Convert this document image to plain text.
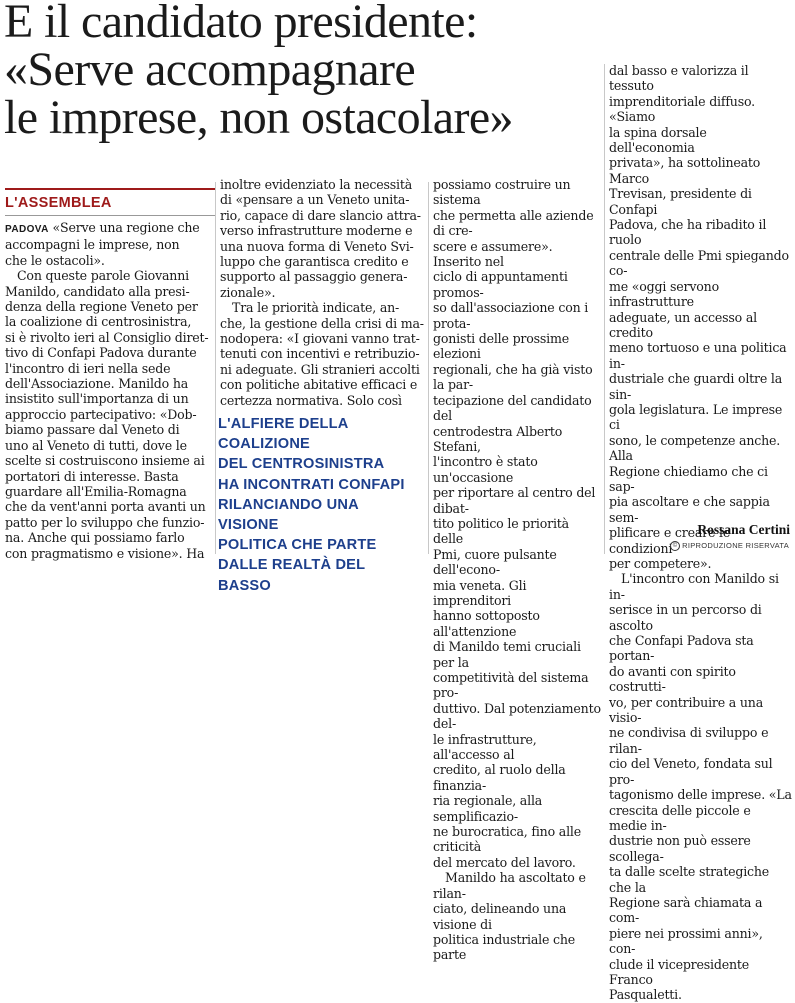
E il candidato presidente:
«Serve accompagnare
le imprese, non ostacolare»
L'ASSEMBLEA

PADOVA «Serve una regione che
accompagni le imprese, non
che le ostacoli».

Con queste parole Giovanni
Manildo, candidato alla presi-
denza della regione Veneto per
la coalizione di centrosinistra,
si è rivolto ieri al Consiglio diret-
tivo di Confapi Padova durante
l'incontro di ieri nella sede
dell'Associazione. Manildo ha
insistito sull'importanza di un
approccio partecipativo: «Dob-
biamo passare dal Veneto di
uno al Veneto di tutti, dove le
scelte si costruiscono insieme ai
portatori di interesse. Basta
guardare all'Emilia-Romagna
che da vent'anni porta avanti un
patto per lo sviluppo che funzio-
na. Anche qui possiamo farlo
con pragmatismo e visione». Ha

inoltre evidenziato la necessità
di «pensare a un Veneto unita-
rio, capace di dare slancio attra-
verso infrastrutture moderne e
una nuova forma di Veneto Svi-
luppo che garantisca credito e
supporto al passaggio genera-
zionale».

Tra le priorità indicate, an-
che, la gestione della crisi di ma-
nodopera: «I giovani vanno trat-
tenuti con incentivi e retribuzio-
ni adeguate. Gli stranieri accolti
con politiche abitative efficaci e
certezza normativa. Solo così

L'ALFIERE DELLA COALIZIONE
DEL CENTROSINISTRA
HA INCONTRATI CONFAPI
RILANCIANDO UNA VISIONE
POLITICA CHE PARTE
DALLE REALTÀ DEL BASSO

possiamo costruire un sistema
che permetta alle aziende di cre-
scere e assumere». Inserito nel
ciclo di appuntamenti promos-
so dall'associazione con i prota-
gonisti delle prossime elezioni
regionali, che ha già visto la par-
tecipazione del candidato del
centrodestra Alberto Stefani,
l'incontro è stato un'occasione
per riportare al centro del dibat-
tito politico le priorità delle
Pmi, cuore pulsante dell'econo-
mia veneta. Gli imprenditori
hanno sottoposto all'attenzione
di Manildo temi cruciali per la
competitività del sistema pro-
duttivo. Dal potenziamento del-
le infrastrutture, all'accesso al
credito, al ruolo della finanzia-
ria regionale, alla semplificazio-
ne burocratica, fino alle criticità
del mercato del lavoro.

Manildo ha ascoltato e rilan-
ciato, delineando una visione di
politica industriale che parte

dal basso e valorizza il tessuto
imprenditoriale diffuso. «Siamo
la spina dorsale dell'economia
privata», ha sottolineato Marco
Trevisan, presidente di Confapi
Padova, che ha ribadito il ruolo
centrale delle Pmi spiegando co-
me «oggi servono infrastrutture
adeguate, un accesso al credito
meno tortuoso e una politica in-
dustriale che guardi oltre la sin-
gola legislatura. Le imprese ci
sono, le competenze anche. Alla
Regione chiediamo che ci sap-
pia ascoltare e che sappia sem-
plificare e creare le condizioni
per competere».

L'incontro con Manildo si in-
serisce in un percorso di ascolto
che Confapi Padova sta portan-
do avanti con spirito costrutti-
vo, per contribuire a una visio-
ne condivisa di sviluppo e rilan-
cio del Veneto, fondata sul pro-
tagonismo delle imprese. «La
crescita delle piccole e medie in-
dustrie non può essere scollega-
ta dalle scelte strategiche che la
Regione sarà chiamata a com-
piere nei prossimi anni», con-
clude il vicepresidente Franco
Pasqualetti.

Rossana Certini
© RIPRODUZIONE RISERVATA
